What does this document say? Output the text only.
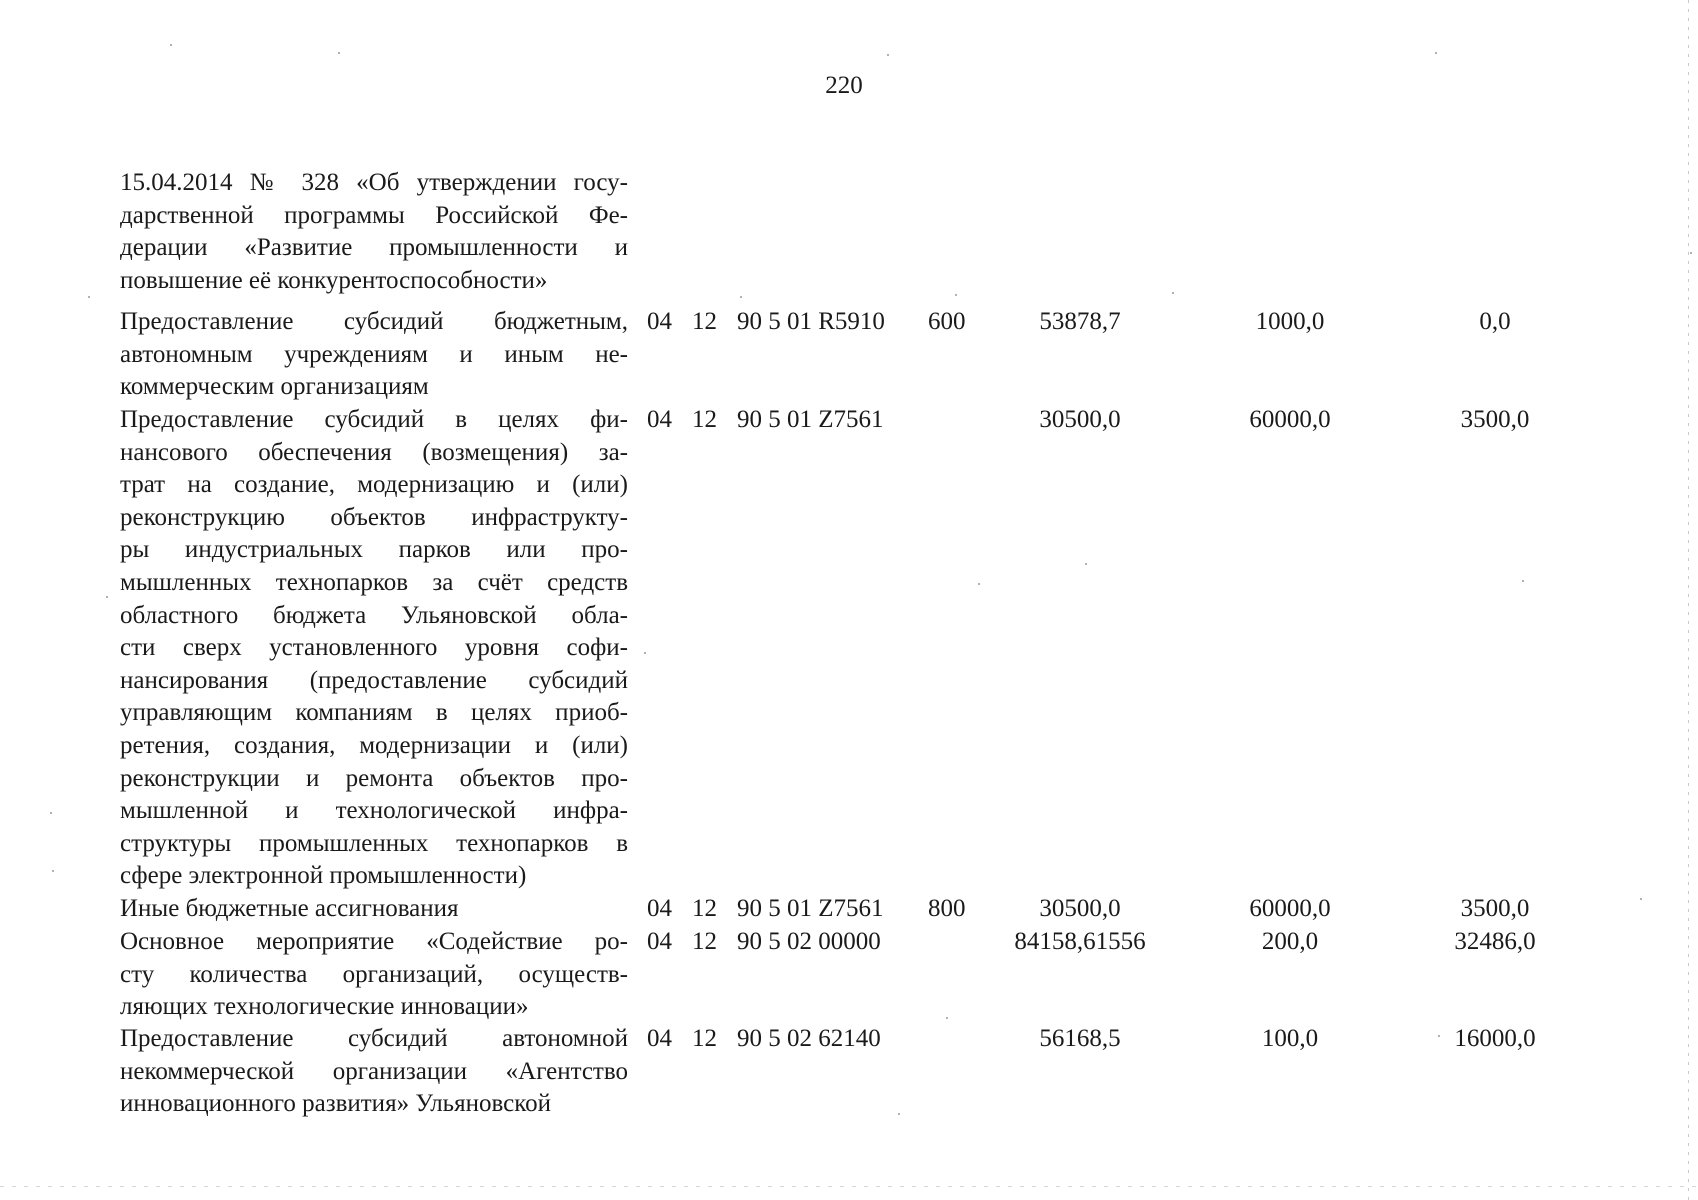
220
15.04.2014 № 328 «Об утверждении госу-
дарственной программы Российской Фе-
дерации «Развитие промышленности и
повышение её конкурентоспособности»
Предоставление субсидий бюджетным,
автономным учреждениям и иным не-
коммерческим организациям
04 12 90 5 01 R5910 600	53878,7	1000,0	0,0
Предоставление субсидий в целях фи-
нансового обеспечения (возмещения) за-
трат на создание, модернизацию и (или)
реконструкцию объектов инфраструкту-
ры индустриальных парков или про-
мышленных технопарков за счёт средств
областного бюджета Ульяновской обла-
сти сверх установленного уровня софи-
нансирования (предоставление субсидий
управляющим компаниям в целях приоб-
ретения, создания, модернизации и (или)
реконструкции и ремонта объектов про-
мышленной и технологической инфра-
структуры промышленных технопарков в
сфере электронной промышленности)
04 12 90 5 01 Z7561	30500,0	60000,0	3500,0
Иные бюджетные ассигнования	04 12 90 5 01 Z7561 800	30500,0	60000,0	3500,0
Основное мероприятие «Содействие ро-
сту количества организаций, осуществ-
ляющих технологические инновации»
04 12 90 5 02 00000	84158,61556	200,0	32486,0
Предоставление субсидий автономной
некоммерческой организации «Агентство
инновационного развития» Ульяновской
04 12 90 5 02 62140	56168,5	100,0	16000,0
